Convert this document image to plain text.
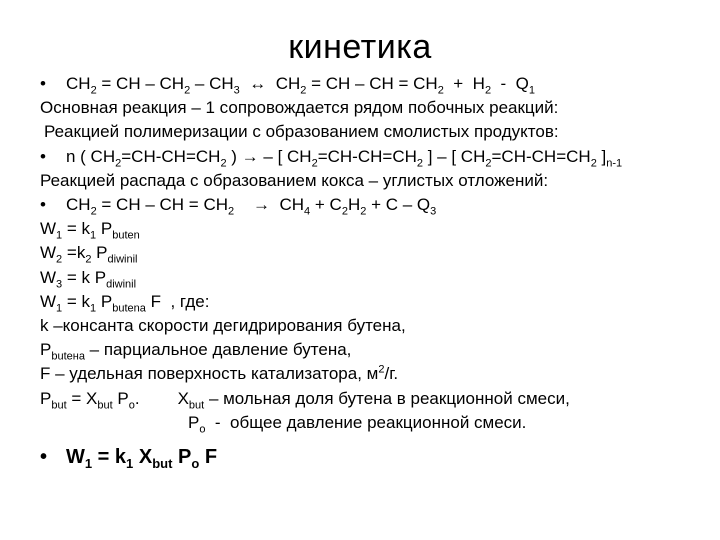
кинетика
• $CH_2$ = CH – $CH_2 - CH_3$  ↔  $CH_2$ = CH – CH = $CH_2 + H_2 - Q_1$
Основная реакция – 1 сопровождается рядом побочных реакций:
Реакцией полимеризации с образованием смолистых продуктов:
• n ( $CH_2=CH-CH=CH_2$ ) → – [ $CH_2=CH-CH=CH_2$ ] – [ $CH_2=CH-CH=CH_2$ ]$_{n-1}$
Реакцией распада с образованием кокса – углистых отложений:
• $CH_2$ = CH – CH = $CH_2$    →  $CH_4 + C_2H_2 + C - Q_3$
$W_1 = k_1$ $P_{buten}$
$W_2 =k_2$ $P_{diwinil}$
$W_3 = k$ $P_{diwinil}$
$W_1 = k_1$ $P_{butena}$ F  , где:
k –консанта скорости дегидрирования бутена,
$P_{buteна}$ – парциальное давление бутена,
F – удельная поверхность катализатора, $м^2/г$.
$P_{but} = X_{but}$ $P_o$. $X_{but}$ – мольная доля бутена в реакционной смеси,
$P_o$  -  общее давление реакционной смеси.
• $W_1 = k_1$ $X_{but}$ $P_o$ F
